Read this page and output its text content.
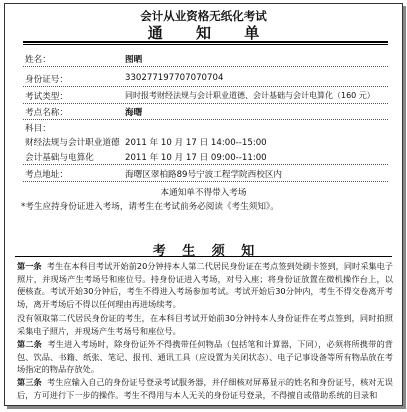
会计从业资格无纸化考试
通 知 单
姓名：	图晒
身份证号：	330277197707070704
考试类型：	同时报考财经法规与会计职业道德、会计基础与会计电算化（160 元）
考点名称：	海曙
科目：
财经法规与会计职业道德 2011 年 10 月 17 日 14:00--15:00
会计基础与电算化	2011 年 10 月 17 日 09:00--11:00
考点地址：	海曙区翠柏路89号宁波工程学院西校区内
本通知单不得带入考场
*考生应持身份证进入考场，请考生在考试前务必阅读《考生须知》。
考 生 须 知
第一条 考生在本科目考试开始前20分钟持本人第二代居民身份证在考点签到处刷卡签到，同时采集电子照片，并现场产生考场号和座位号。持身份证进入考场，对号入座；将身份证放置在微机操作台上，以便核查。考试开始30分钟后，考生不得进入考场参加考试。考试开始后30分钟内，考生不得交卷离开考场，离开考场后不得以任何理由再进场续考。
没有领取第二代居民身份证的考生，在本科目考试开始前30分钟持本人身份证件在考点签到，同时拍照采集电子照片，并现场产生考场号和座位号。
第二条 考生进入考场时，除身份证外不得携带任何物品（包括笔和计算器，下同），必须将所携带的背包、饮品、书籍、纸张、笔记、报刊、通讯工具（应设置为关闭状态）、电子记事设备等所有物品放在考场指定的物品存放处。
第三条 考生应输入自己的身份证号登录考试服务器，并仔细核对屏幕显示的姓名和身份证号，核对无误后，方可进行下一步的操作。考生不得用与本人无关的身份证号登录，不得擅自或借助系统的目录和
